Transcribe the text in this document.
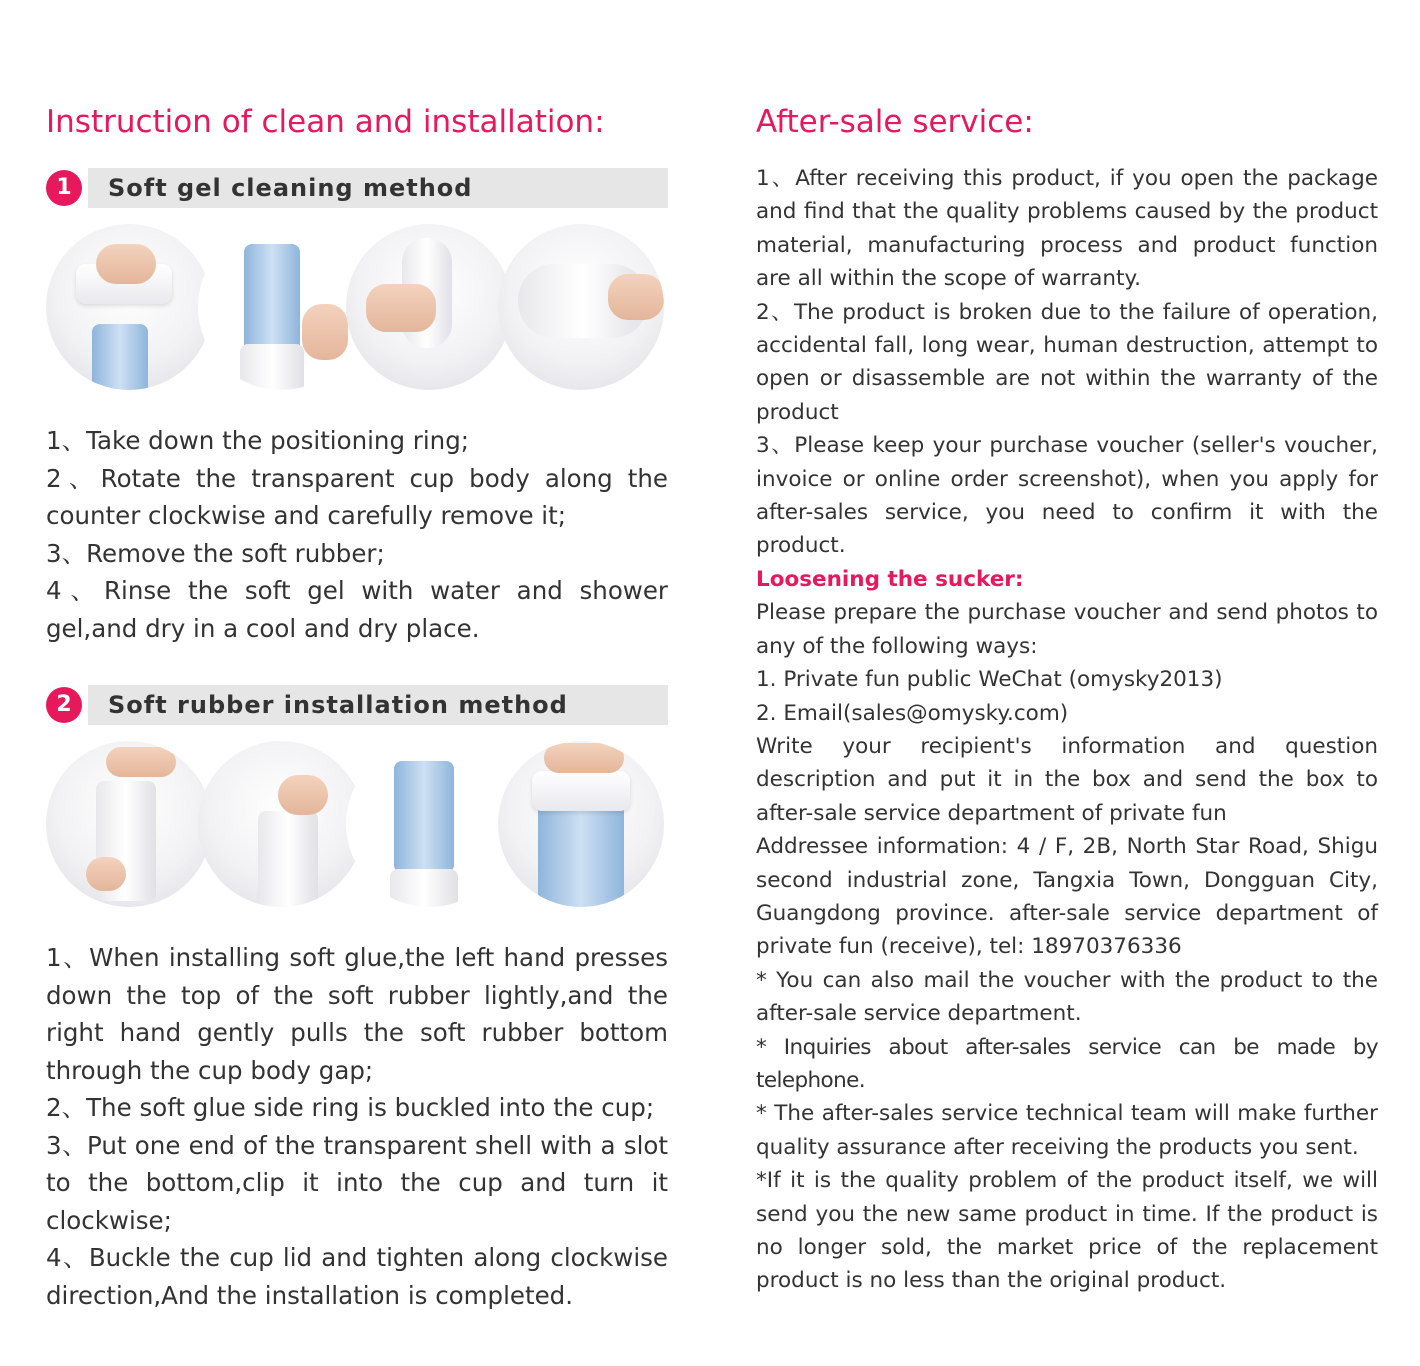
Instruction of clean and installation:
1	Soft gel cleaning method

1、Take down the positioning ring;

2、Rotate the transparent cup body along the counter clockwise and carefully remove it;

3、Remove the soft rubber;

4、Rinse the soft gel with water and shower gel,and dry in a cool and dry place.

2	Soft rubber installation method

1、When installing soft glue,the left hand presses down the top of the soft rubber lightly,and the right hand gently pulls the soft rubber bottom through the cup body gap;

2、The soft glue side ring is buckled into the cup;

3、Put one end of the transparent shell with a slot to the bottom,clip it into the cup and turn it clockwise;

4、Buckle the cup lid and tighten along clockwise direction,And the installation is completed.

After-sale service:

1、After receiving this product, if you open the package and find that the quality problems caused by the product material, manufacturing process and product function are all within the scope of warranty.

2、The product is broken due to the failure of operation, accidental fall, long wear, human destruction, attempt to open or disassemble are not within the warranty of the product

3、Please keep your purchase voucher (seller's voucher, invoice or online order screenshot), when you apply for after-sales service, you need to confirm it with the product.

Loosening the sucker:

Please prepare the purchase voucher and send photos to any of the following ways:

1. Private fun public WeChat (omysky2013)

2. Email(sales@omysky.com)

Write your recipient's information and question description and put it in the box and send the box to after-sale service department of private fun

Addressee information: 4 / F, 2B, North Star Road, Shigu second industrial zone, Tangxia Town, Dongguan City, Guangdong province. after-sale service department of private fun (receive), tel: 18970376336

* You can also mail the voucher with the product to the after-sale service department.

* Inquiries about after-sales service can be made by telephone.

* The after-sales service technical team will make further quality assurance after receiving the products you sent.

*If it is the quality problem of the product itself, we will send you the new same product in time. If the product is no longer sold, the market price of the replacement product is no less than the original product.
